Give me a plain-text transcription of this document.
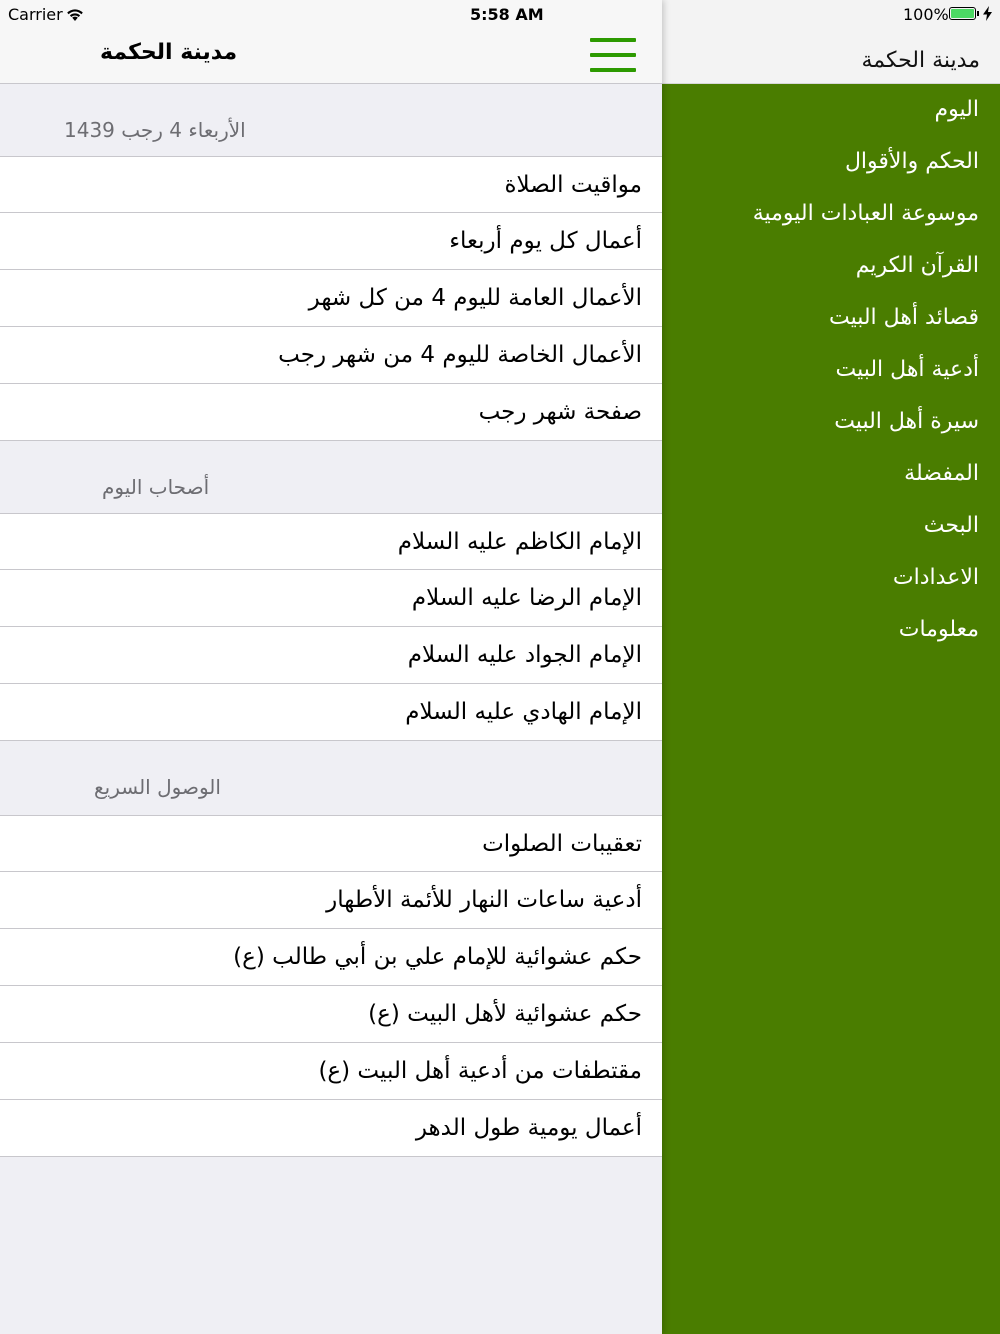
مدينة الحكمة
اليوم
الحكم والأقوال
موسوعة العبادات اليومية
القرآن الكريم
قصائد أهل البيت
أدعية أهل البيت
سيرة أهل البيت
المفضلة
البحث
الاعدادات
معلومات
مدينة الحكمة
الأربعاء 4 رجب 1439
مواقيت الصلاة
أعمال كل يوم أربعاء
الأعمال العامة لليوم 4 من كل شهر
الأعمال الخاصة لليوم 4 من شهر رجب
صفحة شهر رجب
أصحاب اليوم
الإمام الكاظم عليه السلام
الإمام الرضا عليه السلام
الإمام الجواد عليه السلام
الإمام الهادي عليه السلام
الوصول السريع
تعقيبات الصلوات
أدعية ساعات النهار للأئمة الأطهار
حكم عشوائية للإمام علي بن أبي طالب (ع)
حكم عشوائية لأهل البيت (ع)
مقتطفات من أدعية أهل البيت (ع)
أعمال يومية طول الدهر
Carrier	5:58 AM	100%
